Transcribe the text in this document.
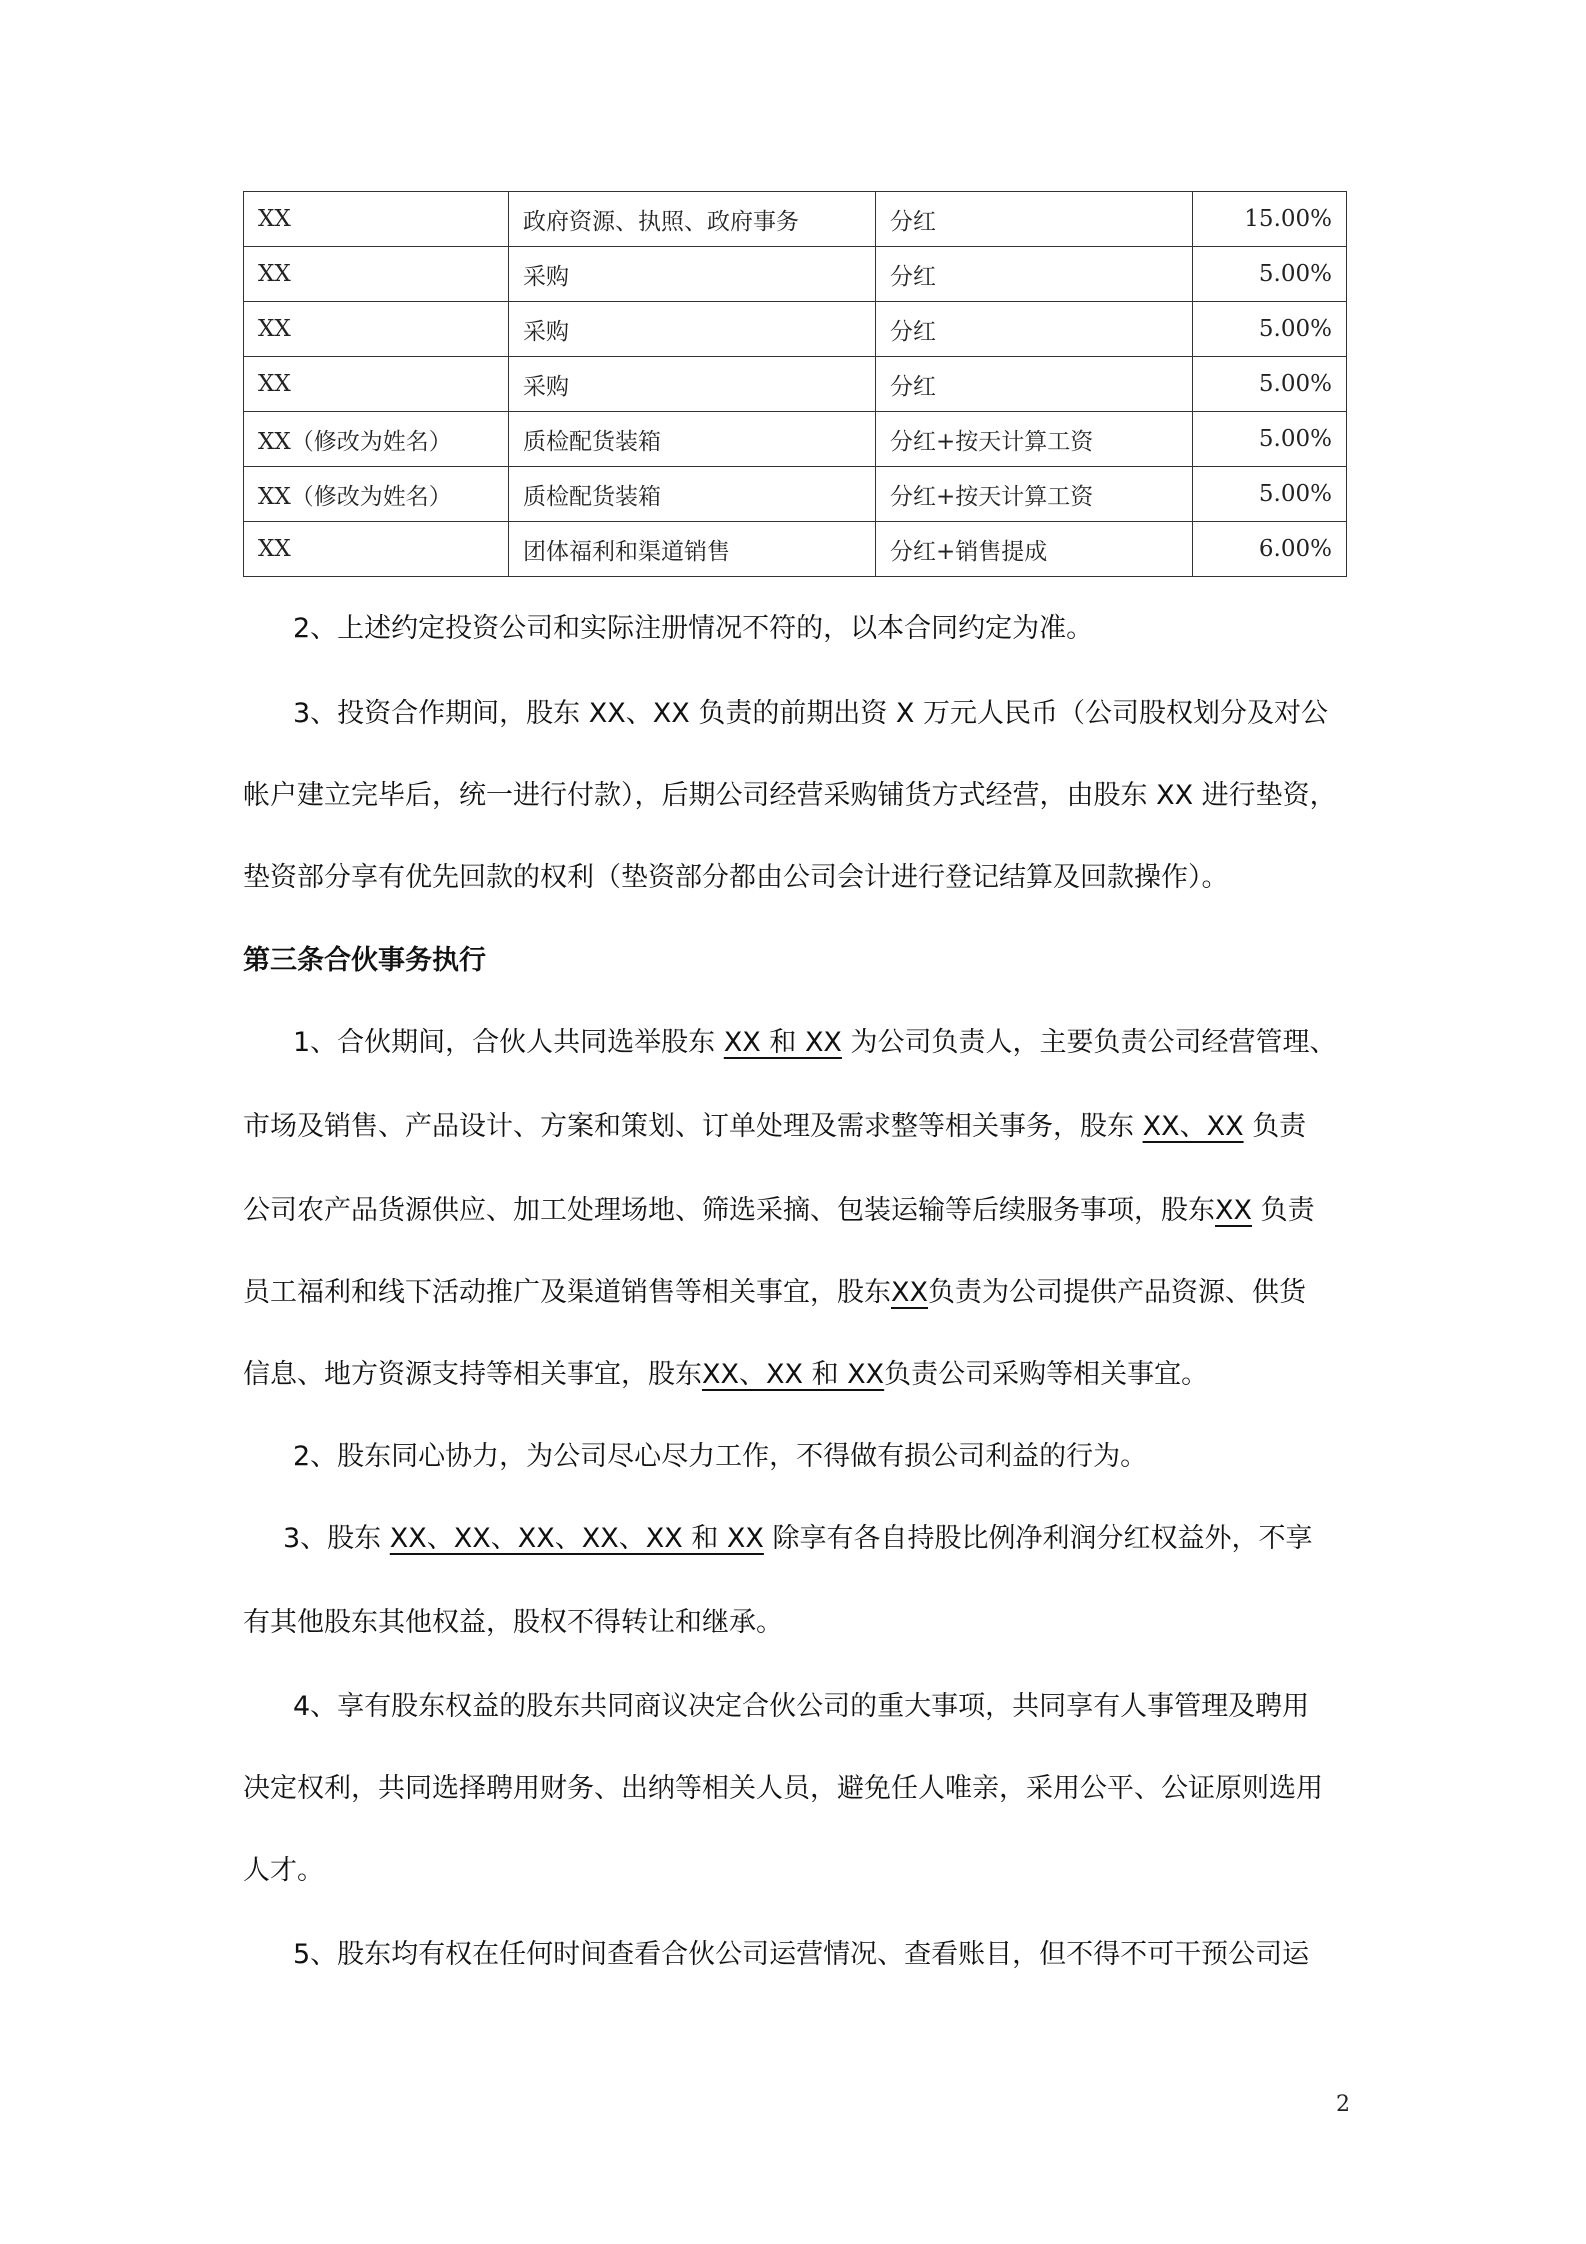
XX	政府资源、执照、政府事务	分红	15.00%
XX	采购	分红	5.00%
XX	采购	分红	5.00%
XX	采购	分红	5.00%
XX（修改为姓名）	质检配货装箱	分红+按天计算工资	5.00%
XX（修改为姓名）	质检配货装箱	分红+按天计算工资	5.00%
XX	团体福利和渠道销售	分红+销售提成	6.00%
2、上述约定投资公司和实际注册情况不符的，以本合同约定为准。
3、投资合作期间，股东 XX、XX 负责的前期出资 X 万元人民币（公司股权划分及对公
帐户建立完毕后，统一进行付款），后期公司经营采购铺货方式经营，由股东 XX 进行垫资，
垫资部分享有优先回款的权利（垫资部分都由公司会计进行登记结算及回款操作）。
第三条合伙事务执行
1、合伙期间，合伙人共同选举股东 XX 和 XX 为公司负责人，主要负责公司经营管理、
市场及销售、产品设计、方案和策划、订单处理及需求整等相关事务，股东 XX、XX 负责
公司农产品货源供应、加工处理场地、筛选采摘、包装运输等后续服务事项，股东XX 负责
员工福利和线下活动推广及渠道销售等相关事宜，股东XX负责为公司提供产品资源、供货
信息、地方资源支持等相关事宜，股东XX、XX 和 XX负责公司采购等相关事宜。
2、股东同心协力，为公司尽心尽力工作，不得做有损公司利益的行为。
3、股东 XX、XX、XX、XX、XX 和 XX 除享有各自持股比例净利润分红权益外，不享
有其他股东其他权益，股权不得转让和继承。
4、享有股东权益的股东共同商议决定合伙公司的重大事项，共同享有人事管理及聘用
决定权利，共同选择聘用财务、出纳等相关人员，避免任人唯亲，采用公平、公证原则选用
人才。
5、股东均有权在任何时间查看合伙公司运营情况、查看账目，但不得不可干预公司运
2
